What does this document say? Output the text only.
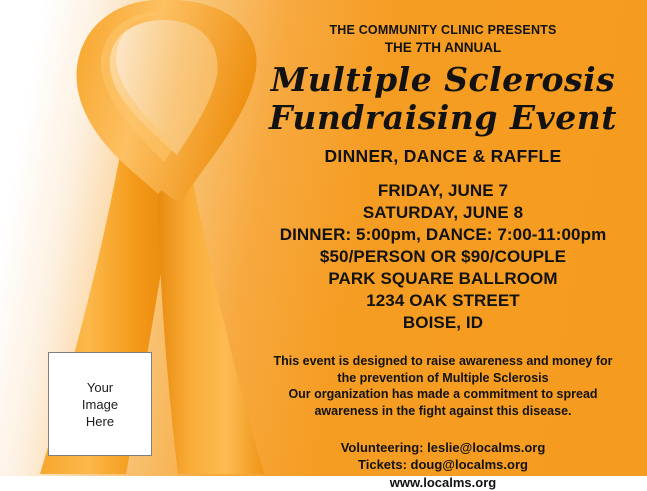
Your
Image
Here
THE COMMUNITY CLINIC PRESENTS
THE 7TH ANNUAL
Multiple Sclerosis
Fundraising Event
DINNER, DANCE & RAFFLE
FRIDAY, JUNE 7
SATURDAY, JUNE 8
DINNER: 5:00pm, DANCE: 7:00-11:00pm
$50/PERSON OR $90/COUPLE
PARK SQUARE BALLROOM
1234 OAK STREET
BOISE, ID
This event is designed to raise awareness and money for
the prevention of Multiple Sclerosis
Our organization has made a commitment to spread
awareness in the fight against this disease.
Volunteering: leslie@localms.org
Tickets: doug@localms.org
www.localms.org
